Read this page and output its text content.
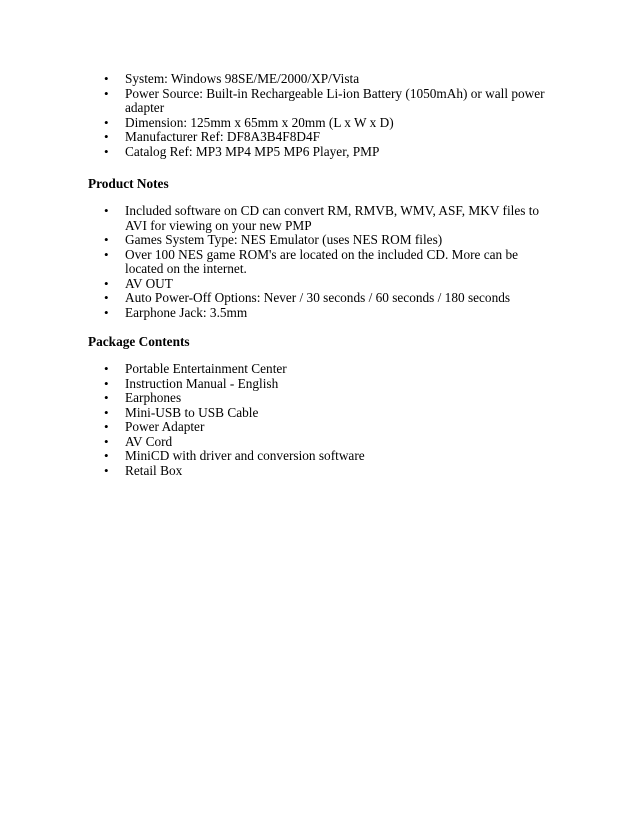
• System: Windows 98SE/ME/2000/XP/Vista
• Power Source: Built-in Rechargeable Li-ion Battery (1050mAh) or wall power adapter
• Dimension: 125mm x 65mm x 20mm (L x W x D)
• Manufacturer Ref: DF8A3B4F8D4F
• Catalog Ref: MP3 MP4 MP5 MP6 Player, PMP
Product Notes
• Included software on CD can convert RM, RMVB, WMV, ASF, MKV files to AVI for viewing on your new PMP
• Games System Type: NES Emulator (uses NES ROM files)
• Over 100 NES game ROM's are located on the included CD. More can be located on the internet.
• AV OUT
• Auto Power-Off Options: Never / 30 seconds / 60 seconds / 180 seconds
• Earphone Jack: 3.5mm
Package Contents
• Portable Entertainment Center
• Instruction Manual - English
• Earphones
• Mini-USB to USB Cable
• Power Adapter
• AV Cord
• MiniCD with driver and conversion software
• Retail Box
